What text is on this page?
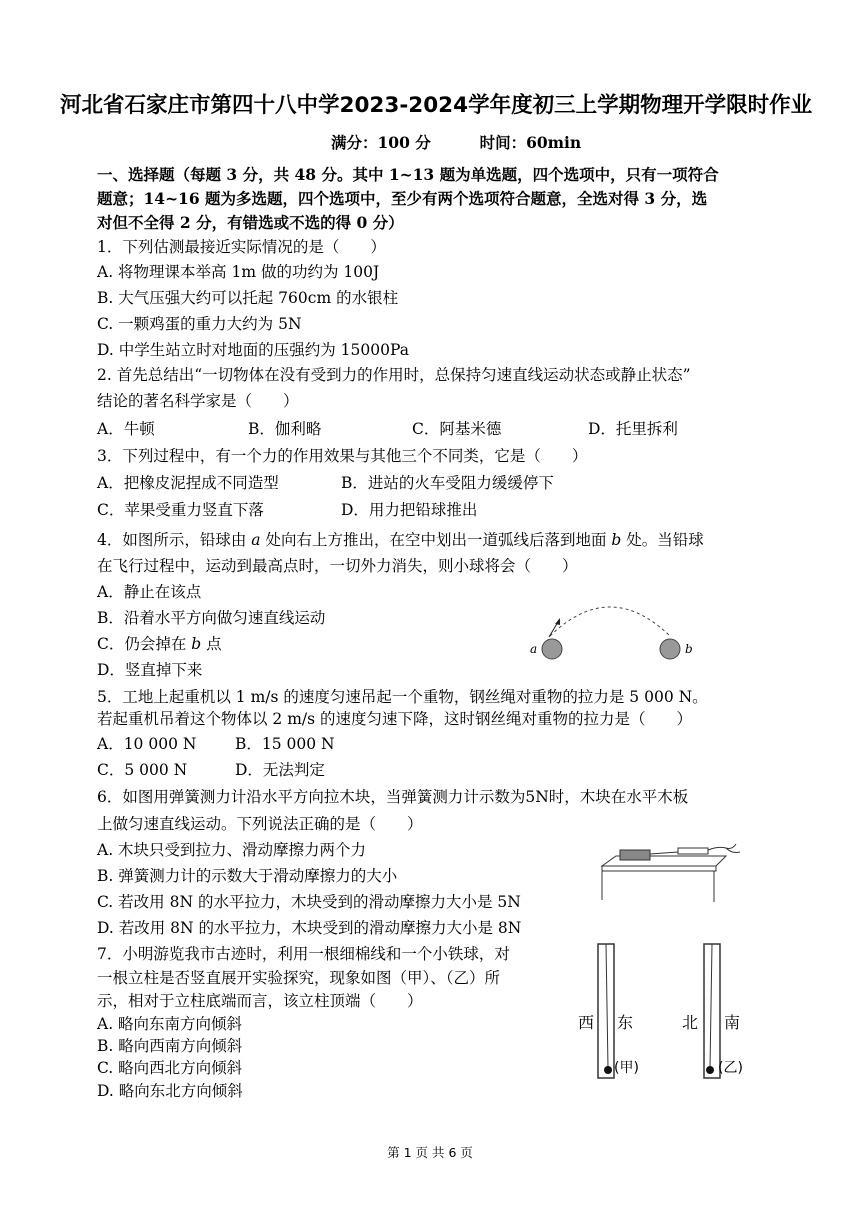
河北省石家庄市第四十八中学2023-2024学年度初三上学期物理开学限时作业
满分：100 分	时间：60min
一、选择题（每题 3 分，共 48 分。其中 1~13 题为单选题，四个选项中，只有一项符合
题意；14~16 题为多选题，四个选项中，至少有两个选项符合题意，全选对得 3 分，选
对但不全得 2 分，有错选或不选的得 0 分）
1．下列估测最接近实际情况的是（　　）
A. 将物理课本举高 1m 做的功约为 100J
B. 大气压强大约可以托起 760cm 的水银柱
C. 一颗鸡蛋的重力大约为 5N
D. 中学生站立时对地面的压强约为 15000Pa
2. 首先总结出“一切物体在没有受到力的作用时，总保持匀速直线运动状态或静止状态”
结论的著名科学家是（　　）
A．牛顿	B．伽利略	C．阿基米德	D．托里拆利
3．下列过程中，有一个力的作用效果与其他三个不同类，它是（　　）
A．把橡皮泥捏成不同造型	B．进站的火车受阻力缓缓停下
C．苹果受重力竖直下落	D．用力把铅球推出
4．如图所示，铅球由 a 处向右上方推出，在空中划出一道弧线后落到地面 b 处。当铅球
在飞行过程中，运动到最高点时，一切外力消失，则小球将会（　　）
A．静止在该点
B．沿着水平方向做匀速直线运动
C．仍会掉在 b 点
D．竖直掉下来
a	b
5．工地上起重机以 1 m/s 的速度匀速吊起一个重物，钢丝绳对重物的拉力是 5 000 N。
若起重机吊着这个物体以 2 m/s 的速度匀速下降，这时钢丝绳对重物的拉力是（　　）
A．10 000 N B．15 000 N
C．5 000 N	D．无法判定
6．如图用弹簧测力计沿水平方向拉木块，当弹簧测力计示数为5N时，木块在水平木板
上做匀速直线运动。下列说法正确的是（　　）
A. 木块只受到拉力、滑动摩擦力两个力
B. 弹簧测力计的示数大于滑动摩擦力的大小
C. 若改用 8N 的水平拉力，木块受到的滑动摩擦力大小是 5N
D. 若改用 8N 的水平拉力，木块受到的滑动摩擦力大小是 8N
7．小明游览我市古迹时，利用一根细棉线和一个小铁球，对
一根立柱是否竖直展开实验探究，现象如图（甲）、（乙）所
示，相对于立柱底端而言，该立柱顶端（　　）
A. 略向东南方向倾斜
B. 略向西南方向倾斜
C. 略向西北方向倾斜
D. 略向东北方向倾斜
西 东
(甲)
北 南
(乙)
第 1 页 共 6 页
